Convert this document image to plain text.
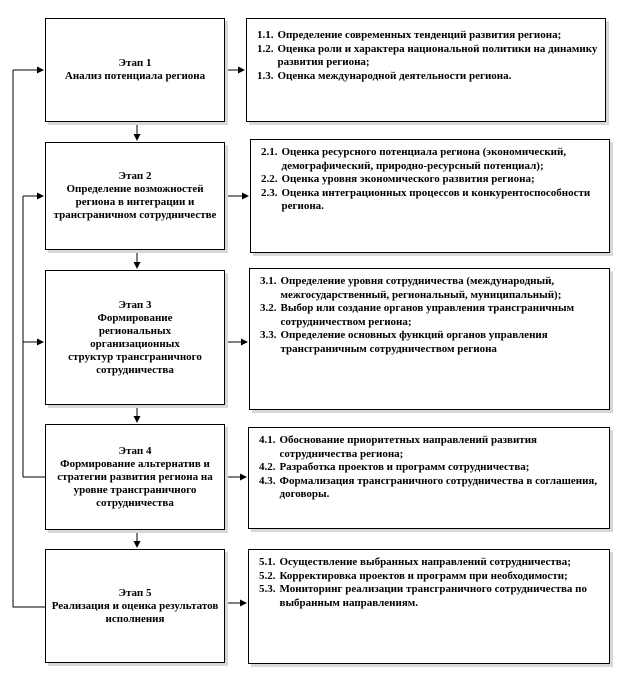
Этап 1
Анализ потенциала региона
Этап 2
Определение возможностей региона в интеграции и трансграничном сотрудничестве
Этап 3
Формирование региональных организационных структур трансграничного сотрудничества
Этап 4
Формирование альтернатив и стратегии развития региона на уровне трансграничного сотрудничества
Этап 5
Реализация и оценка результатов исполнения
1.1. Определение современных тенденций развития региона;
1.2. Оценка роли и характера национальной политики на динамику развития региона;
1.3. Оценка международной деятельности региона.
2.1. Оценка ресурсного потенциала региона (экономический, демографический, природно-ресурсный потенциал);
2.2. Оценка уровня экономического развития региона;
2.3. Оценка интеграционных процессов и конкурентоспособности региона.
3.1. Определение уровня сотрудничества (международный, межгосударственный, региональный, муниципальный);
3.2. Выбор или создание органов управления трансграничным сотрудничеством региона;
3.3. Определение основных функций органов управления трансграничным сотрудничеством региона
4.1. Обоснование приоритетных направлений развития сотрудничества региона;
4.2. Разработка проектов и программ сотрудничества;
4.3. Формализация трансграничного сотрудничества в соглашения, договоры.
5.1. Осуществление выбранных направлений сотрудничества;
5.2. Корректировка проектов и программ при необходимости;
5.3. Мониторинг реализации трансграничного сотрудничества по выбранным направлениям.
